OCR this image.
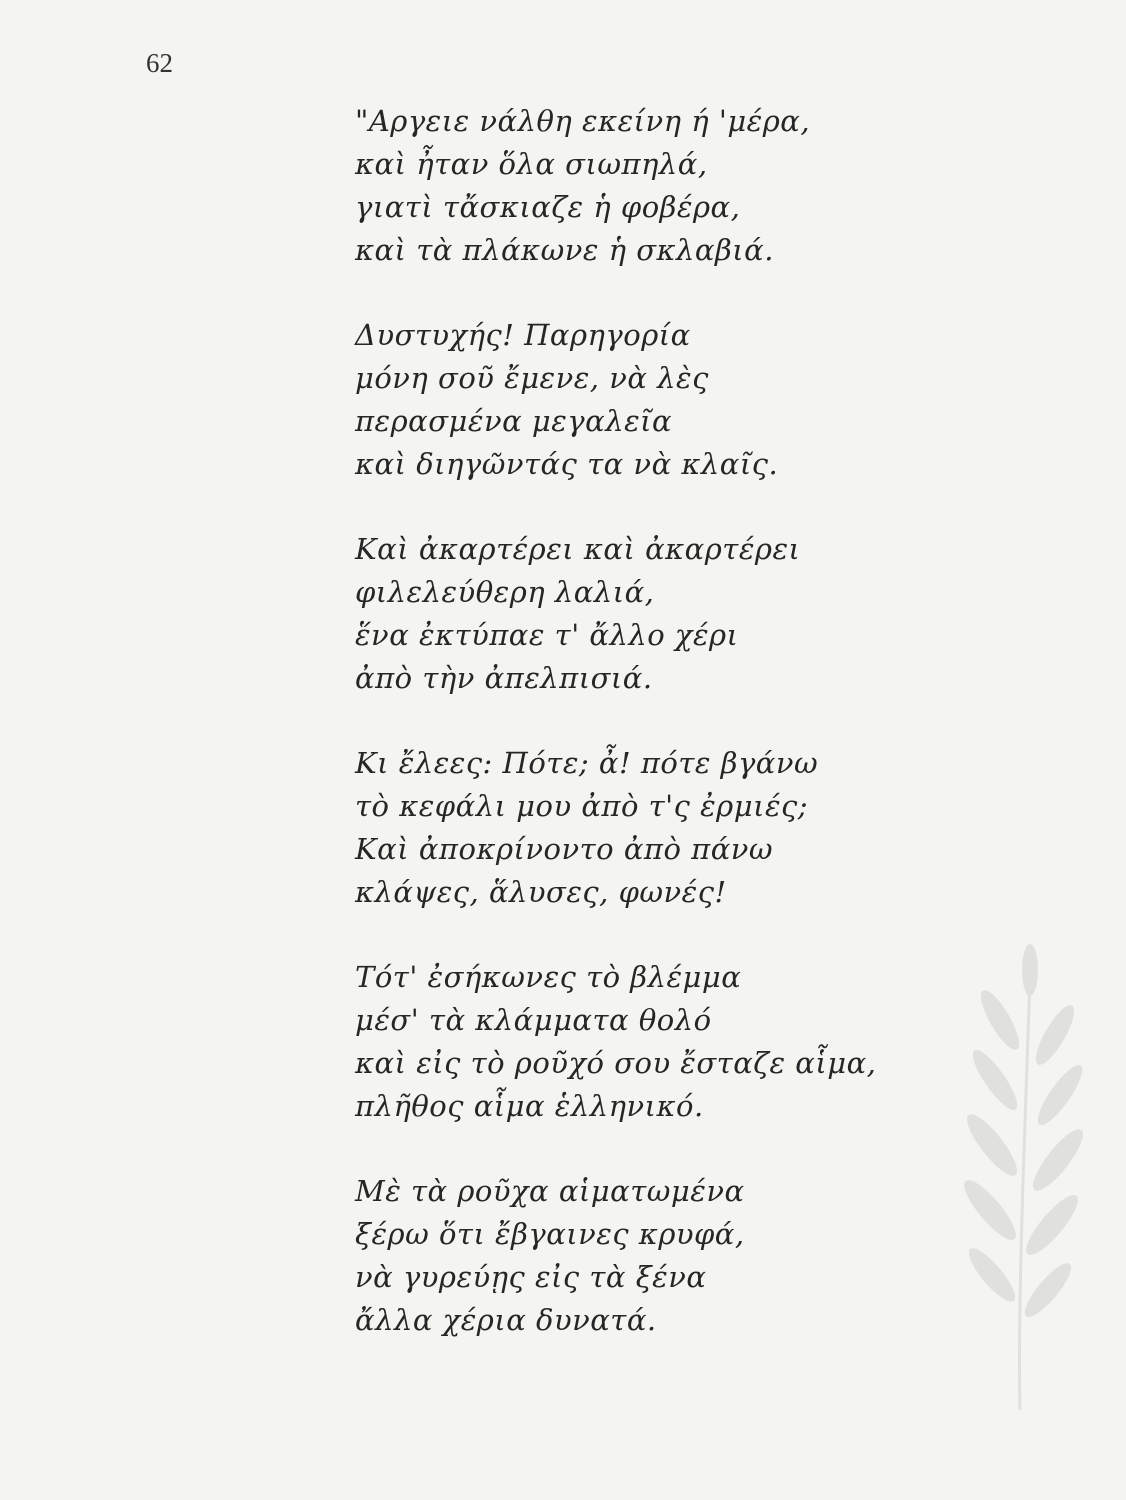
62
"Αργειε νάλθη εκείνη ή 'μέρα,
καὶ ἦταν ὅλα σιωπηλά,
γιατὶ τἄσκιαζε ἡ φοβέρα,
καὶ τὰ πλάκωνε ἡ σκλαβιά.
Δυστυχής! Παρηγορία
μόνη σοῦ ἔμενε, νὰ λὲς
περασμένα μεγαλεῖα
καὶ διηγῶντάς τα νὰ κλαῖς.
Καὶ ἀκαρτέρει καὶ ἀκαρτέρει
φιλελεύθερη λαλιά,
ἕνα ἐκτύπαε τ' ἄλλο χέρι
ἀπὸ τὴν ἀπελπισιά.
Κι ἔλεες: Πότε; ἆ! πότε βγάνω
τὸ κεφάλι μου ἀπὸ τ'ς ἐρμιές;
Καὶ ἀποκρίνοντο ἀπὸ πάνω
κλάψες, ἅλυσες, φωνές!
Τότ' ἐσήκωνες τὸ βλέμμα
μέσ' τὰ κλάμματα θολό
καὶ εἰς τὸ ροῦχό σου ἔσταζε αἷμα,
πλῆθος αἷμα ἑλληνικό.
Μὲ τὰ ροῦχα αἱματωμένα
ξέρω ὅτι ἔβγαινες κρυφά,
νὰ γυρεύῃς εἰς τὰ ξένα
ἄλλα χέρια δυνατά.
